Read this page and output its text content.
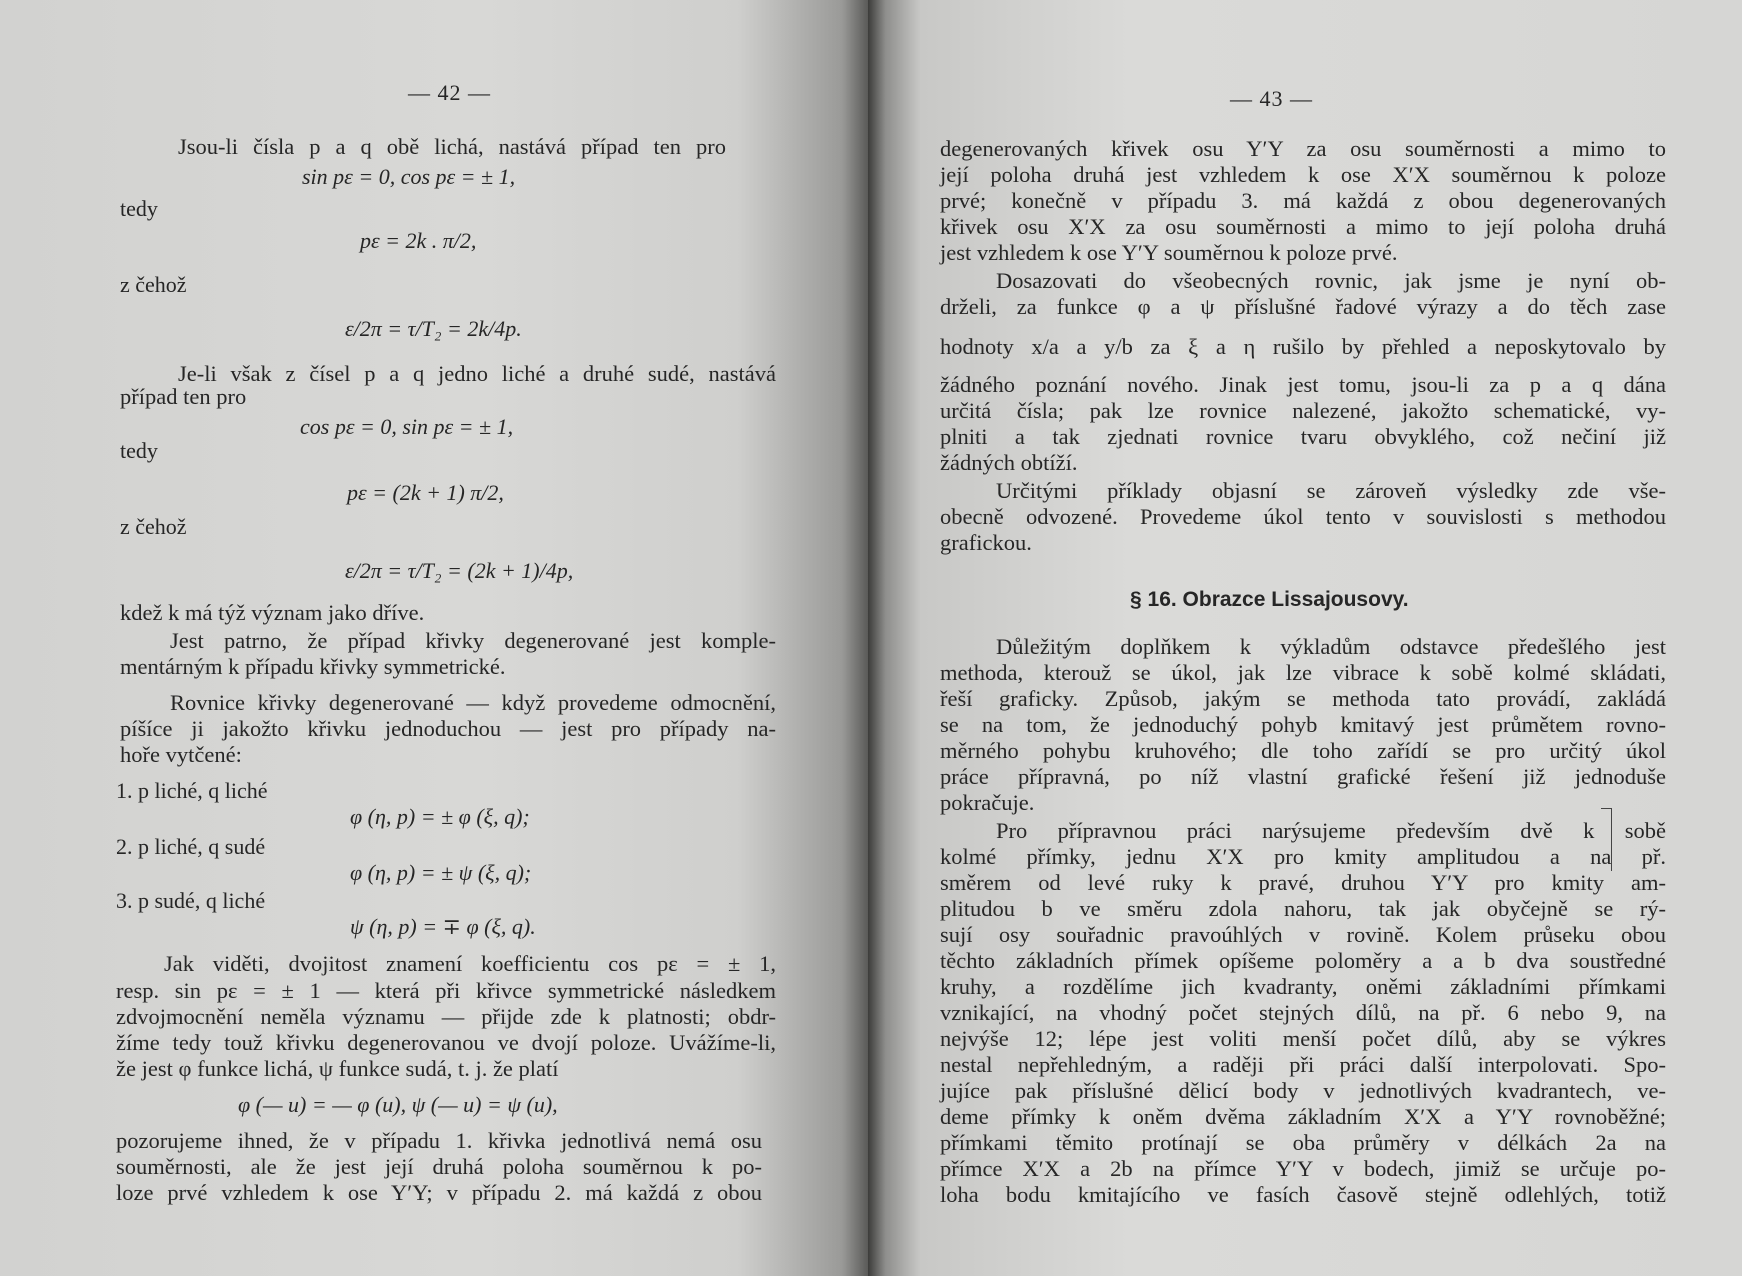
— 42 —
Jsou-li čísla p a q obě lichá, nastává případ ten pro
sin pε = 0, cos pε = ± 1,
tedy
pε = 2k . π/2,
z čehož
ε/2π = τ/T₂ = 2k/4p.
Je-li však z čísel p a q jedno liché a druhé sudé, nastává
případ ten pro
cos pε = 0, sin pε = ± 1,
tedy
pε = (2k + 1) π/2,
z čehož
ε/2π = τ/T₂ = (2k + 1)/4p,
kdež k má týž význam jako dříve.
Jest patrno, že případ křivky degenerované jest komple-
mentárným k případu křivky symmetrické.
Rovnice křivky degenerované — když provedeme odmocnění,
píšíce ji jakožto křivku jednoduchou — jest pro případy na-
hoře vytčené:
1. p liché, q liché
φ (η, p) = ± φ (ξ, q);
2. p liché, q sudé
φ (η, p) = ± ψ (ξ, q);
3. p sudé, q liché
ψ (η, p) = ∓ φ (ξ, q).
Jak viděti, dvojitost znamení koefficientu cos pε = ± 1,
resp. sin pε = ± 1 — která při křivce symmetrické následkem
zdvojmocnění neměla významu — přijde zde k platnosti; obdr-
žíme tedy touž křivku degenerovanou ve dvojí poloze. Uvážíme-li,
že jest φ funkce lichá, ψ funkce sudá, t. j. že platí
φ (— u) = — φ (u), ψ (— u) = ψ (u),
pozorujeme ihned, že v případu 1. křivka jednotlivá nemá osu
souměrnosti, ale že jest její druhá poloha souměrnou k po-
loze prvé vzhledem k ose Y′Y; v případu 2. má každá z obou
— 43 —
degenerovaných křivek osu Y′Y za osu souměrnosti a mimo to
její poloha druhá jest vzhledem k ose X′X souměrnou k poloze
prvé; konečně v případu 3. má každá z obou degenerovaných
křivek osu X′X za osu souměrnosti a mimo to její poloha druhá
jest vzhledem k ose Y′Y souměrnou k poloze prvé.
Dosazovati do všeobecných rovnic, jak jsme je nyní ob-
drželi, za funkce φ a ψ příslušné řadové výrazy a do těch zase
hodnoty x/a a y/b za ξ a η rušilo by přehled a neposkytovalo by
žádného poznání nového. Jinak jest tomu, jsou-li za p a q dána
určitá čísla; pak lze rovnice nalezené, jakožto schematické, vy-
plniti a tak zjednati rovnice tvaru obvyklého, což nečiní již
žádných obtíží.
Určitými příklady objasní se zároveň výsledky zde vše-
obecně odvozené. Provedeme úkol tento v souvislosti s methodou
grafickou.
§ 16. Obrazce Lissajousovy.
Důležitým doplňkem k výkladům odstavce předešlého jest
methoda, kterouž se úkol, jak lze vibrace k sobě kolmé skládati,
řeší graficky. Způsob, jakým se methoda tato provádí, zakládá
se na tom, že jednoduchý pohyb kmitavý jest průmětem rovno-
měrného pohybu kruhového; dle toho zařídí se pro určitý úkol
práce přípravná, po níž vlastní grafické řešení již jednoduše
pokračuje.
Pro přípravnou práci narýsujeme především dvě k sobě
kolmé přímky, jednu X′X pro kmity amplitudou a na př.
směrem od levé ruky k pravé, druhou Y′Y pro kmity am-
plitudou b ve směru zdola nahoru, tak jak obyčejně se rý-
sují osy souřadnic pravoúhlých v rovině. Kolem průseku obou
těchto základních přímek opíšeme poloměry a a b dva soustředné
kruhy, a rozdělíme jich kvadranty, oněmi základními přímkami
vznikající, na vhodný počet stejných dílů, na př. 6 nebo 9, na
nejvýše 12; lépe jest voliti menší počet dílů, aby se výkres
nestal nepřehledným, a raději při práci další interpolovati. Spo-
jujíce pak příslušné dělicí body v jednotlivých kvadrantech, ve-
deme přímky k oněm dvěma základním X′X a Y′Y rovnoběžné;
přímkami těmito protínají se oba průměry v délkách 2a na
přímce X′X a 2b na přímce Y′Y v bodech, jimiž se určuje po-
loha bodu kmitajícího ve fasích časově stejně odlehlých, totiž
